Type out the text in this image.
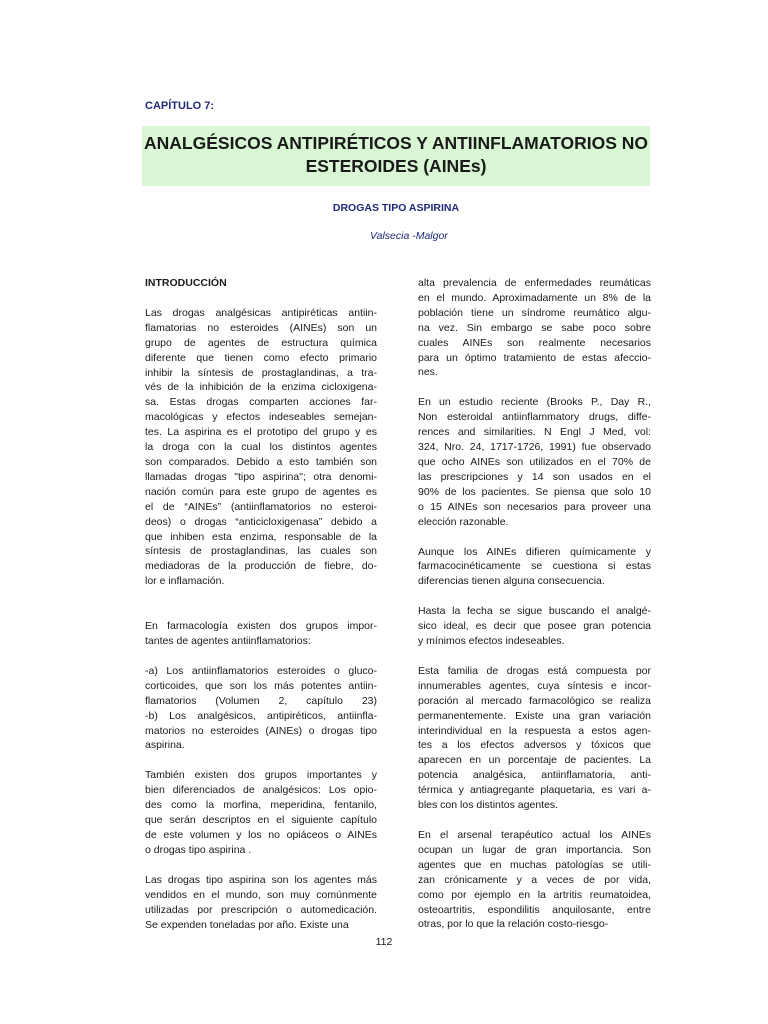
CAPÍTULO 7:
ANALGÉSICOS ANTIPIRÉTICOS Y ANTIINFLAMATORIOS NO
ESTEROIDES (AINEs)
DROGAS TIPO ASPIRINA
Valsecia -Malgor
INTRODUCCIÓN
Las drogas analgésicas antipiréticas antiin-
flamatorias no esteroides (AINEs) son un
grupo de agentes de estructura química
diferente que tienen como efecto primario
inhibir la síntesis de prostaglandinas, a tra-
vés de la inhibición de la enzima cicloxigena-
sa. Estas drogas comparten acciones far-
macológicas y efectos indeseables semejan-
tes. La aspirina es el prototipo del grupo y es
la droga con la cual los distintos agentes
son comparados. Debido a esto también son
llamadas drogas "tipo aspirina"; otra denomi-
nación común para este grupo de agentes es
el de “AINEs” (antiinflamatorios no esteroi-
deos) o drogas “anticicloxigenasa” debido a
que inhiben esta enzima, responsable de la
síntesis de prostaglandinas, las cuales son
mediadoras de la producción de fiebre, do-
lor e inflamación.
En farmacología existen dos grupos impor-
tantes de agentes antiinflamatorios:
-a) Los antiinflamatorios esteroides o gluco-
corticoides, que son los más potentes antiin-
flamatorios (Volumen 2, capítulo 23)
-b) Los analgésicos, antipiréticos, antiinfla-
matorios no esteroides (AINEs) o drogas tipo
aspirina.
También existen dos grupos importantes y
bien diferenciados de analgésicos: Los opio-
des como la morfina, meperidina, fentanilo,
que serán descriptos en el siguiente capítulo
de este volumen y los no opiáceos o AINEs
o drogas tipo aspirina .
Las drogas tipo aspirina son los agentes más
vendidos en el mundo, son muy comúnmente
utilizadas por prescripción o automedicación.
Se expenden toneladas por año. Existe una
alta prevalencia de enfermedades reumáticas
en el mundo. Aproximadamente un 8% de la
población tiene un síndrome reumático algu-
na vez. Sin embargo se sabe poco sobre
cuales AINEs son realmente necesarios
para un óptimo tratamiento de estas afeccio-
nes.
En un estudio reciente (Brooks P., Day R.,
Non esteroidal antiinflammatory drugs, diffe-
rences and similarities. N Engl J Med, vol:
324, Nro. 24, 1717-1726, 1991) fue observado
que ocho AINEs son utilizados en el 70% de
las prescripciones y 14 son usados en el
90% de los pacientes. Se piensa que solo 10
o 15 AINEs son necesarios para proveer una
elección razonable.
Aunque los AINEs difieren químicamente y
farmacocinéticamente se cuestiona si estas
diferencias tienen alguna consecuencia.
Hasta la fecha se sigue buscando el analgé-
sico ideal, es decir que posee gran potencia
y mínimos efectos indeseables.
Esta familia de drogas está compuesta por
innumerables agentes, cuya síntesis e incor-
poración al mercado farmacológico se realiza
permanentemente. Existe una gran variación
interindividual en la respuesta a estos agen-
tes a los efectos adversos y tóxicos que
aparecen en un porcentaje de pacientes. La
potencia analgésica, antiinflamatoria, anti-
térmica y antiagregante plaquetaria, es vari a-
bles con los distintos agentes.
En el arsenal terapéutico actual los AINEs
ocupan un lugar de gran importancia. Son
agentes que en muchas patologías se utili-
zan crónicamente y a veces de por vida,
como por ejemplo en la artritis reumatoidea,
osteoartritis, espondilitis anquilosante, entre
otras, por lo que la relación costo-riesgo-
112
